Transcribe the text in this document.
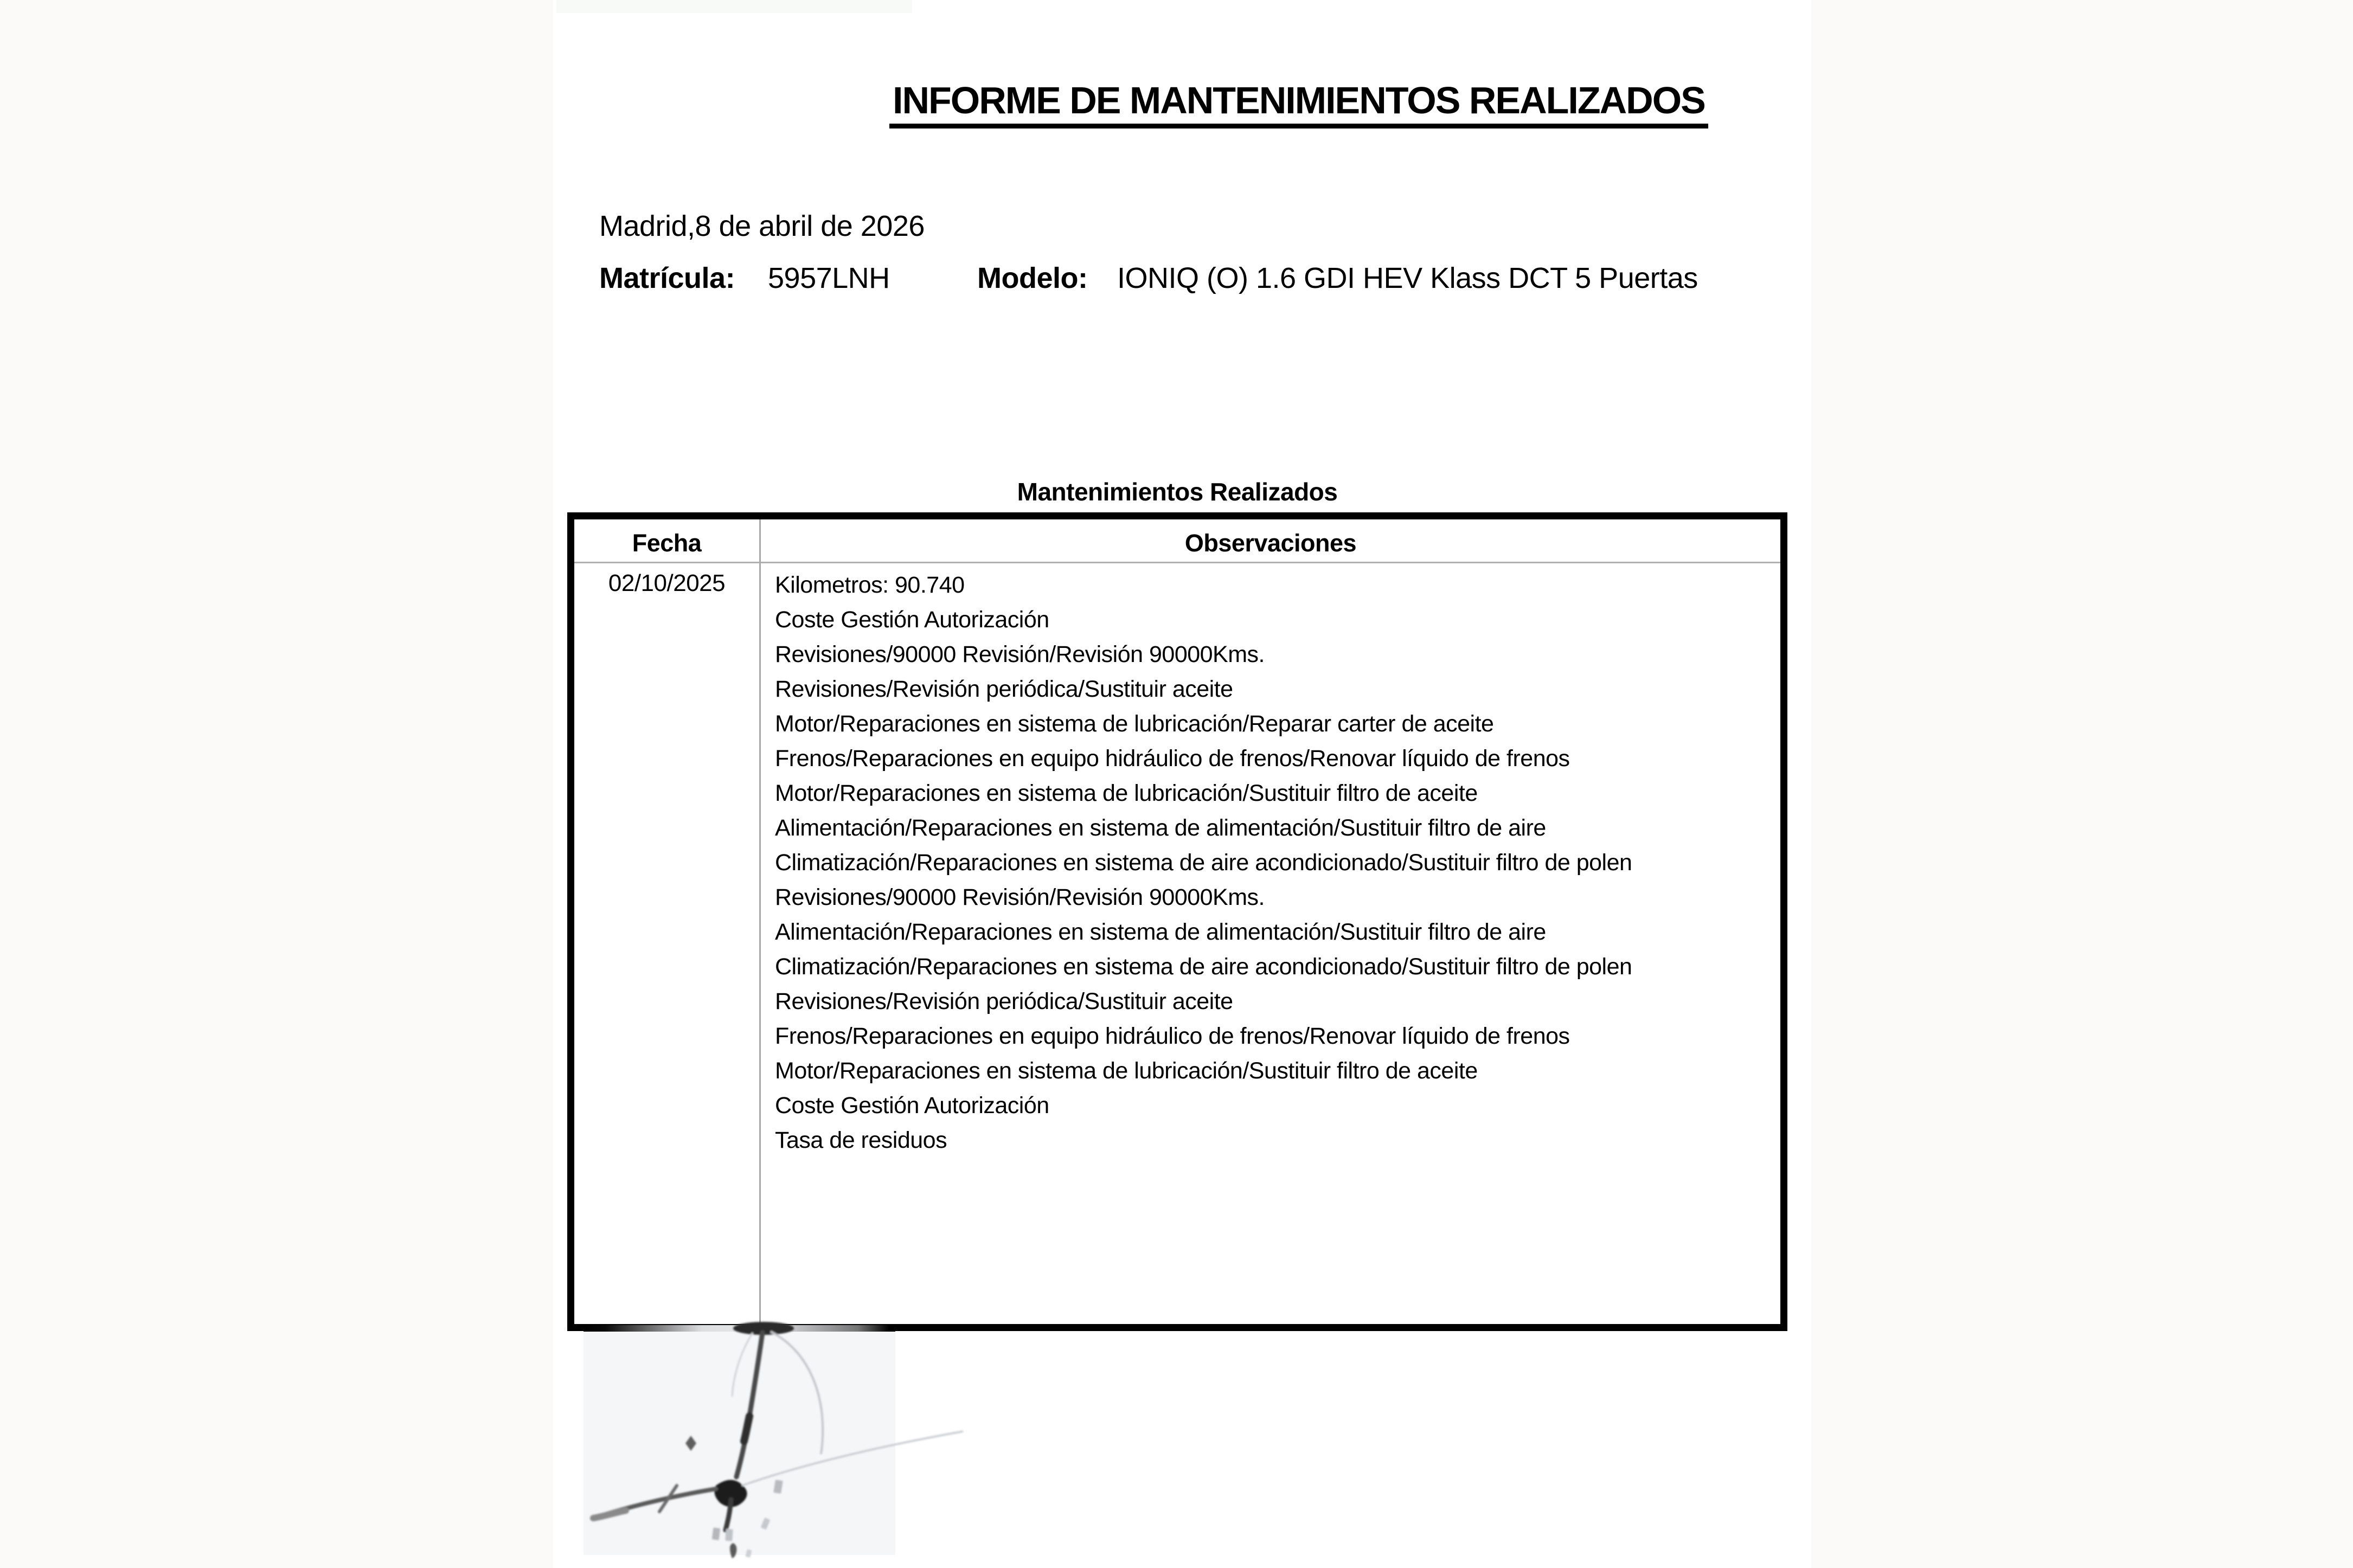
INFORME DE MANTENIMIENTOS REALIZADOS
Madrid,8 de abril de 2026
Matrícula: 5957LNH	Modelo: IONIQ (O) 1.6 GDI HEV Klass DCT 5 Puertas
Mantenimientos Realizados
Fecha	Observaciones
02/10/2025	Kilometros: 90.740
Coste Gestión Autorización
Revisiones/90000 Revisión/Revisión 90000Kms.
Revisiones/Revisión periódica/Sustituir aceite
Motor/Reparaciones en sistema de lubricación/Reparar carter de aceite
Frenos/Reparaciones en equipo hidráulico de frenos/Renovar líquido de frenos
Motor/Reparaciones en sistema de lubricación/Sustituir filtro de aceite
Alimentación/Reparaciones en sistema de alimentación/Sustituir filtro de aire
Climatización/Reparaciones en sistema de aire acondicionado/Sustituir filtro de polen
Revisiones/90000 Revisión/Revisión 90000Kms.
Alimentación/Reparaciones en sistema de alimentación/Sustituir filtro de aire
Climatización/Reparaciones en sistema de aire acondicionado/Sustituir filtro de polen
Revisiones/Revisión periódica/Sustituir aceite
Frenos/Reparaciones en equipo hidráulico de frenos/Renovar líquido de frenos
Motor/Reparaciones en sistema de lubricación/Sustituir filtro de aceite
Coste Gestión Autorización
Tasa de residuos
